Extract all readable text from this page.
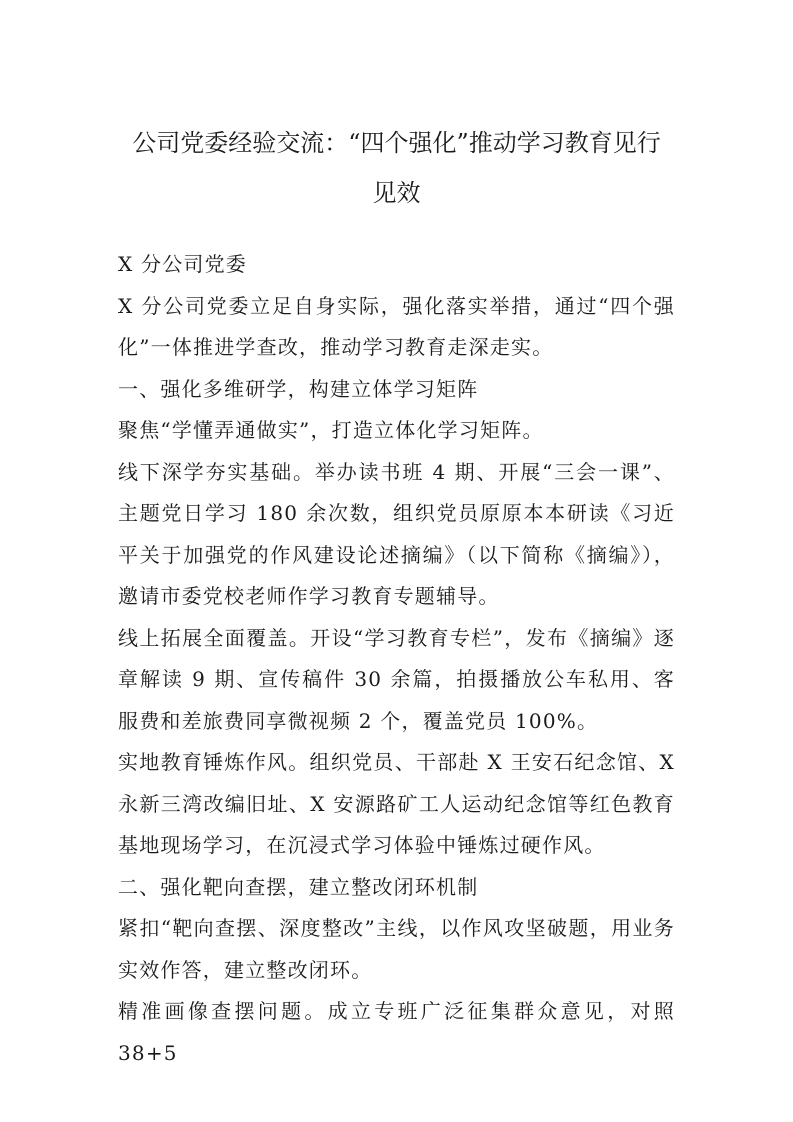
公司党委经验交流：“四个强化”推动学习教育见行
见效

X 分公司党委

X 分公司党委立足自身实际，强化落实举措，通过“四个强化”一体推进学查改，推动学习教育走深走实。

一、强化多维研学，构建立体学习矩阵

聚焦“学懂弄通做实”，打造立体化学习矩阵。

线下深学夯实基础。举办读书班 4 期、开展“三会一课”、主题党日学习 180 余次数，组织党员原原本本研读《习近平关于加强党的作风建设论述摘编》（以下简称《摘编》），邀请市委党校老师作学习教育专题辅导。

线上拓展全面覆盖。开设“学习教育专栏”，发布《摘编》逐章解读 9 期、宣传稿件 30 余篇，拍摄播放公车私用、客服费和差旅费同享微视频 2 个，覆盖党员 100%。

实地教育锤炼作风。组织党员、干部赴 X 王安石纪念馆、X 永新三湾改编旧址、X 安源路矿工人运动纪念馆等红色教育基地现场学习，在沉浸式学习体验中锤炼过硬作风。

二、强化靶向查摆，建立整改闭环机制

紧扣“靶向查摆、深度整改”主线，以作风攻坚破题，用业务实效作答，建立整改闭环。

精准画像查摆问题。成立专班广泛征集群众意见，对照 38+5
